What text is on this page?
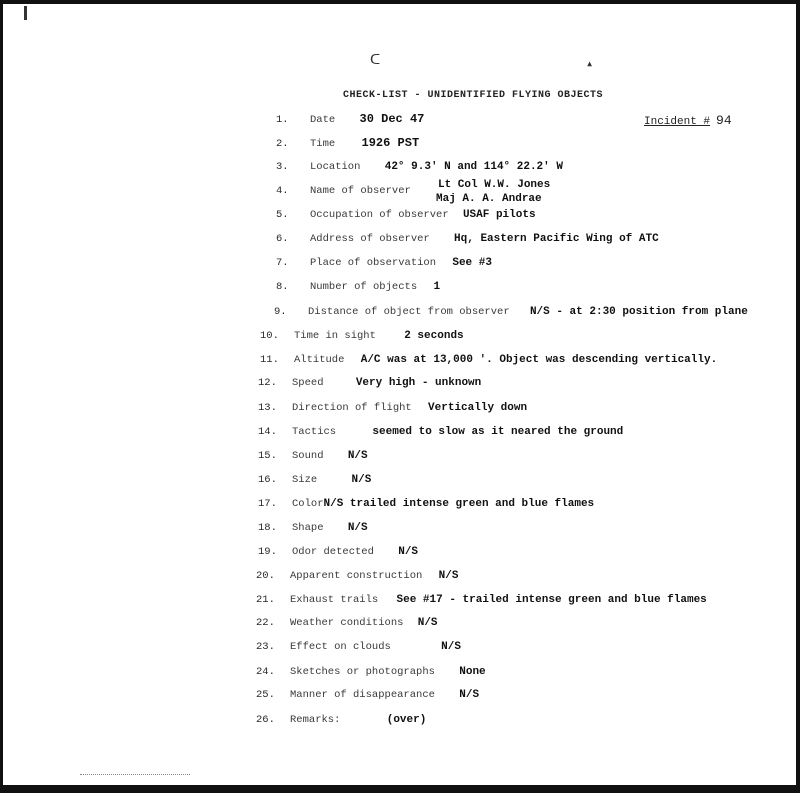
ᑕ	▴
CHECK-LIST - UNIDENTIFIED FLYING OBJECTS
Incident # 94
1. Date 30 Dec 47
2. Time 1926 PST
3. Location 42° 9.3' N and 114° 22.2' W
4. Name of observer Lt Col W.W. Jones
Maj A. A. Andrae
5. Occupation of observer USAF pilots
6. Address of observer Hq, Eastern Pacific Wing of ATC
7. Place of observation See #3
8. Number of objects 1
9. Distance of object from observer N/S - at 2:30 position from plane
10. Time in sight	2 seconds
11. Altitude A/C was at 13,000 '. Object was descending vertically.
12. Speed	Very high - unknown
13. Direction of flight Vertically down
14. Tactics	seemed to slow as it neared the ground
15. Sound N/S
16. Size	N/S
17. ColorN/S trailed intense green and blue flames
18. Shape N/S
19. Odor detected N/S
20. Apparent construction N/S
21. Exhaust trails See #17 - trailed intense green and blue flames
22. Weather conditions N/S
23. Effect on clouds	N/S
24. Sketches or photographs None
25. Manner of disappearance N/S
26. Remarks:	(over)
